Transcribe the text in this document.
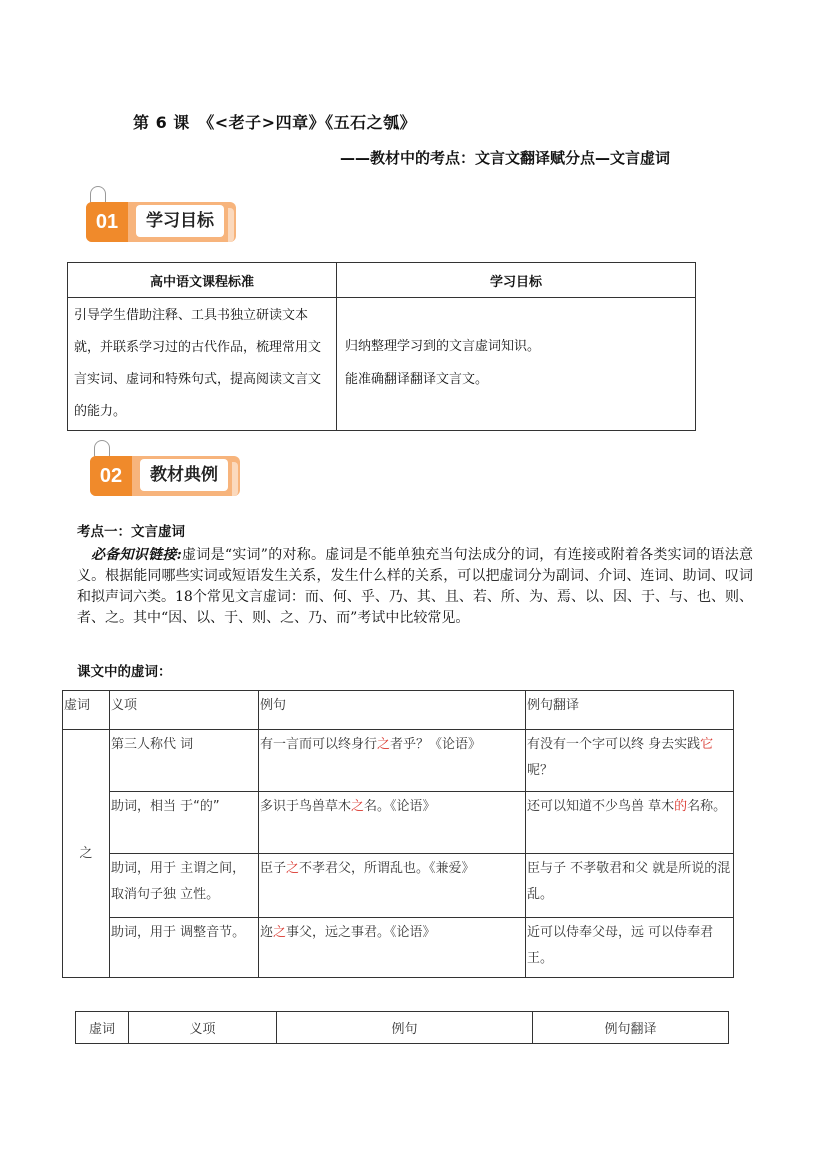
第 6 课　《<老子>四章》《五石之瓠》
——教材中的考点：文言文翻译赋分点—文言虚词
01	学习目标
高中语文课程标准	学习目标
引导学生借助注释、工具书独立研读文本就，并联系学习过的古代作品，梳理常用文言实词、虚词和特殊句式，提高阅读文言文的能力。	归纳整理学习到的文言虚词知识。
能准确翻译翻译文言文。
02	教材典例
考点一：文言虚词
必备知识链接:虚词是“实词”的对称。虚词是不能单独充当句法成分的词，有连接或附着各类实词的语法意义。根据能同哪些实词或短语发生关系，发生什么样的关系，可以把虚词分为副词、介词、连词、助词、叹词和拟声词六类。18个常见文言虚词：而、何、乎、乃、其、且、若、所、为、焉、以、因、于、与、也、则、者、之。其中“因、以、于、则、之、乃、而”考试中比较常见。
课文中的虚词：
虚词	义项	例句	例句翻译
之	第三人称代 词	有一言而可以终身行之者乎？《论语》	有没有一个字可以终 身去实践它呢？
	助词，相当 于“的”	多识于鸟兽草木之名。《论语》	还可以知道不少鸟兽 草木的名称。
	助词，用于 主谓之间，取消句子独 立性。	臣子之不孝君父，所谓乱也。《兼爱》	臣与子 不孝敬君和父 就是所说的混乱。
	助词，用于 调整音节。	迩之事父，远之事君。《论语》	近可以侍奉父母，远 可以侍奉君王。
虚词	义项	例句	例句翻译
